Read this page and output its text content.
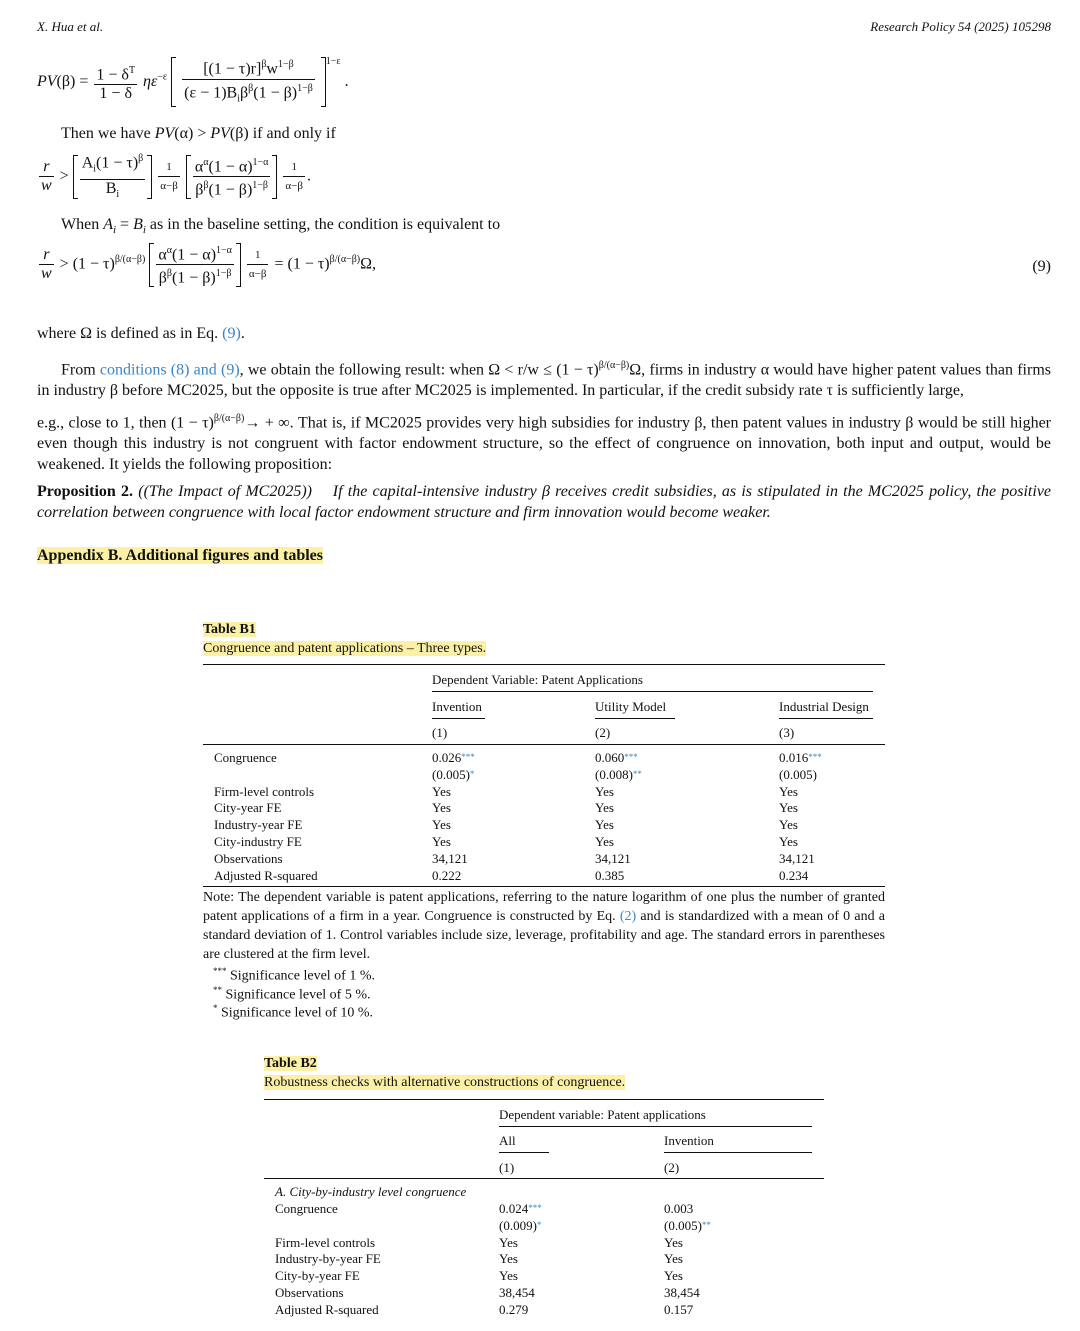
X. Hua et al.	Research Policy 54 (2025) 105298
$PV(\beta) = \frac{1 - \delta^T}{1 - \delta} \eta\varepsilon^{-\varepsilon} \frac{[(1 - \tau)r]^\beta w^{1-\beta}}{(\varepsilon - 1)B_i\beta^\beta(1 - \beta)^{1-\beta}} ^{1-\varepsilon}$ .
Then we have PV(α) > PV(β) if and only if
$\frac{r}{w} > \frac{A_i(1 - \tau)^\beta}{B_i}$
$\frac{1}{\alpha-\beta}$
$\frac{\alpha^\alpha(1 - \alpha)^{1-\alpha}}{\beta^\beta(1 - \beta)^{1-\beta}}$
$\frac{1}{\alpha-\beta}$ .
When $A_i = B_i$ as in the baseline setting, the condition is equivalent to
$\frac{r}{w} > (1 - \tau)^{\beta/(\alpha-\beta)} \frac{\alpha^\alpha(1 - \alpha)^{1-\alpha}}{\beta^\beta(1 - \beta)^{1-\beta}}$
$\frac{1}{\alpha-\beta} = (1 - \tau)^{\beta/(\alpha-\beta)}\Omega$,	(9)
where Ω is defined as in Eq. (9).
From conditions (8) and (9), we obtain the following result: when $\Omega < r/w \le (1 - \tau)^{\beta/(\alpha-\beta)}\Omega$, firms in industry α would have higher patent values than firms in industry β before MC2025, but the opposite is true after MC2025 is implemented. In particular, if the credit subsidy rate τ is sufficiently large,
e.g., close to 1, then $(1 - \tau)^{\beta/(\alpha-\beta)}\to$ + ∞. That is, if MC2025 provides very high subsidies for industry β, then patent values in industry β would be still higher even though this industry is not congruent with factor endowment structure, so the effect of congruence on innovation, both input and output, would be weakened. It yields the following proposition:
Proposition 2. ((The Impact of MC2025)) If the capital-intensive industry β receives credit subsidies, as is stipulated in the MC2025 policy, the positive correlation between congruence with local factor endowment structure and firm innovation would become weaker.
Appendix B. Additional figures and tables
Table B1
Congruence and patent applications – Three types.
Dependent Variable: Patent Applications
Invention	Utility Model	Industrial Design
(1)	(2)	(3)
Congruence	0.026***	0.060***	0.016***
(0.005)*	(0.008)**	(0.005)
Firm-level controls	Yes	Yes	Yes
City-year FE	Yes	Yes	Yes
Industry-year FE	Yes	Yes	Yes
City-industry FE	Yes	Yes	Yes
Observations	34,121	34,121	34,121
Adjusted R-squared	0.222	0.385	0.234
Note: The dependent variable is patent applications, referring to the nature logarithm of one plus the number of granted patent applications of a firm in a year. Congruence is constructed by Eq. (2) and is standardized with a mean of 0 and a standard deviation of 1. Control variables include size, leverage, profitability and age. The standard errors in parentheses are clustered at the firm level.
*** Significance level of 1 %.
** Significance level of 5 %.
* Significance level of 10 %.
Table B2
Robustness checks with alternative constructions of congruence.
Dependent variable: Patent applications
All	Invention
(1)	(2)
A. City-by-industry level congruence
Congruence	0.024***	0.003
(0.009)*	(0.005)**
Firm-level controls	Yes	Yes
Industry-by-year FE	Yes	Yes
City-by-year FE	Yes	Yes
Observations	38,454	38,454
Adjusted R-squared	0.279	0.157
